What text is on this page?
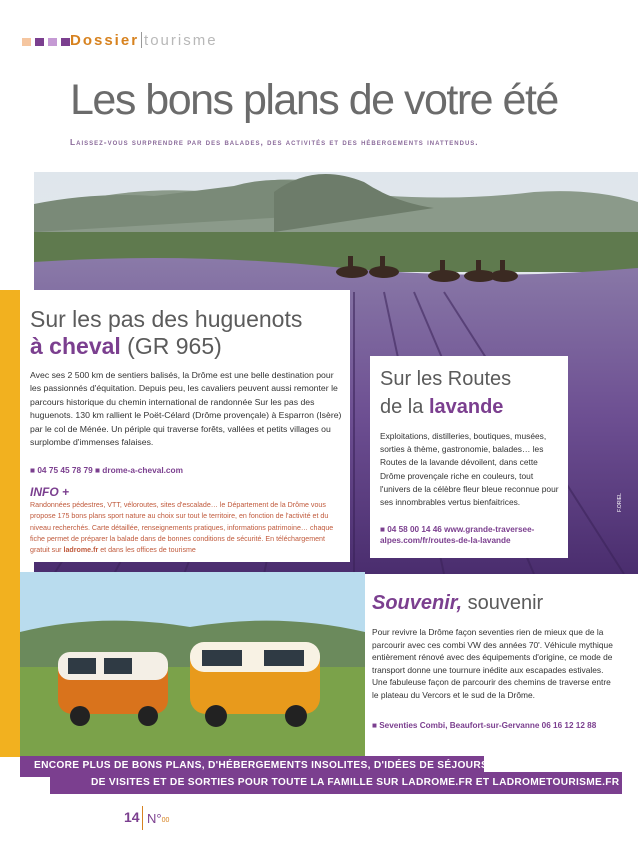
Dossier tourisme
Les bons plans de votre été
Laissez-vous surprendre par des balades, des activités et des hébergements inattendus.
Sur les pas des huguenots
à cheval (GR 965)
Avec ses 2 500 km de sentiers balisés, la Drôme est une belle destination pour les passionnés d'équitation. Depuis peu, les cavaliers peuvent aussi remonter le parcours historique du chemin international de randonnée Sur les pas des huguenots. 130 km rallient le Poët-Célard (Drôme provençale) à Esparron (Isère) par le col de Ménée. Un périple qui traverse forêts, vallées et petits villages ou surplombe d'immenses falaises.
■ 04 75 45 78 79 ■ drome-a-cheval.com
INFO +
Randonnées pédestres, VTT, véloroutes, sites d'escalade… le Département de la Drôme vous propose 175 bons plans sport nature au choix sur tout le territoire, en fonction de l'activité et du niveau recherchés. Carte détaillée, renseignements pratiques, informations patrimoine… chaque fiche permet de préparer la balade dans de bonnes conditions de sécurité. En téléchargement gratuit sur ladrome.fr et dans les offices de tourisme
Sur les Routes
de la lavande
Exploitations, distilleries, boutiques, musées, sorties à thème, gastronomie, balades… les Routes de la lavande dévoilent, dans cette Drôme provençale riche en couleurs, tout l'univers de la célèbre fleur bleue reconnue pour ses innombrables vertus bienfaitrices.
■ 04 58 00 14 46 www.grande-traversee-alpes.com/fr/routes-de-la-lavande
F.ORIEL
Souvenir, souvenir
Pour revivre la Drôme façon seventies rien de mieux que de la parcourir avec ces combi VW des années 70'. Véhicule mythique entièrement rénové avec des équipements d'origine, ce mode de transport donne une tournure inédite aux escapades estivales. Une fabuleuse façon de parcourir des chemins de traverse entre le plateau du Vercors et le sud de la Drôme.
■ Seventies Combi, Beaufort-sur-Gervanne 06 16 12 12 88
ENCORE PLUS DE BONS PLANS, D'HÉBERGEMENTS INSOLITES, D'IDÉES DE SÉJOURS,
DE VISITES ET DE SORTIES POUR TOUTE LA FAMILLE SUR LADROME.FR ET LADROMETOURISME.FR
14 N°00
